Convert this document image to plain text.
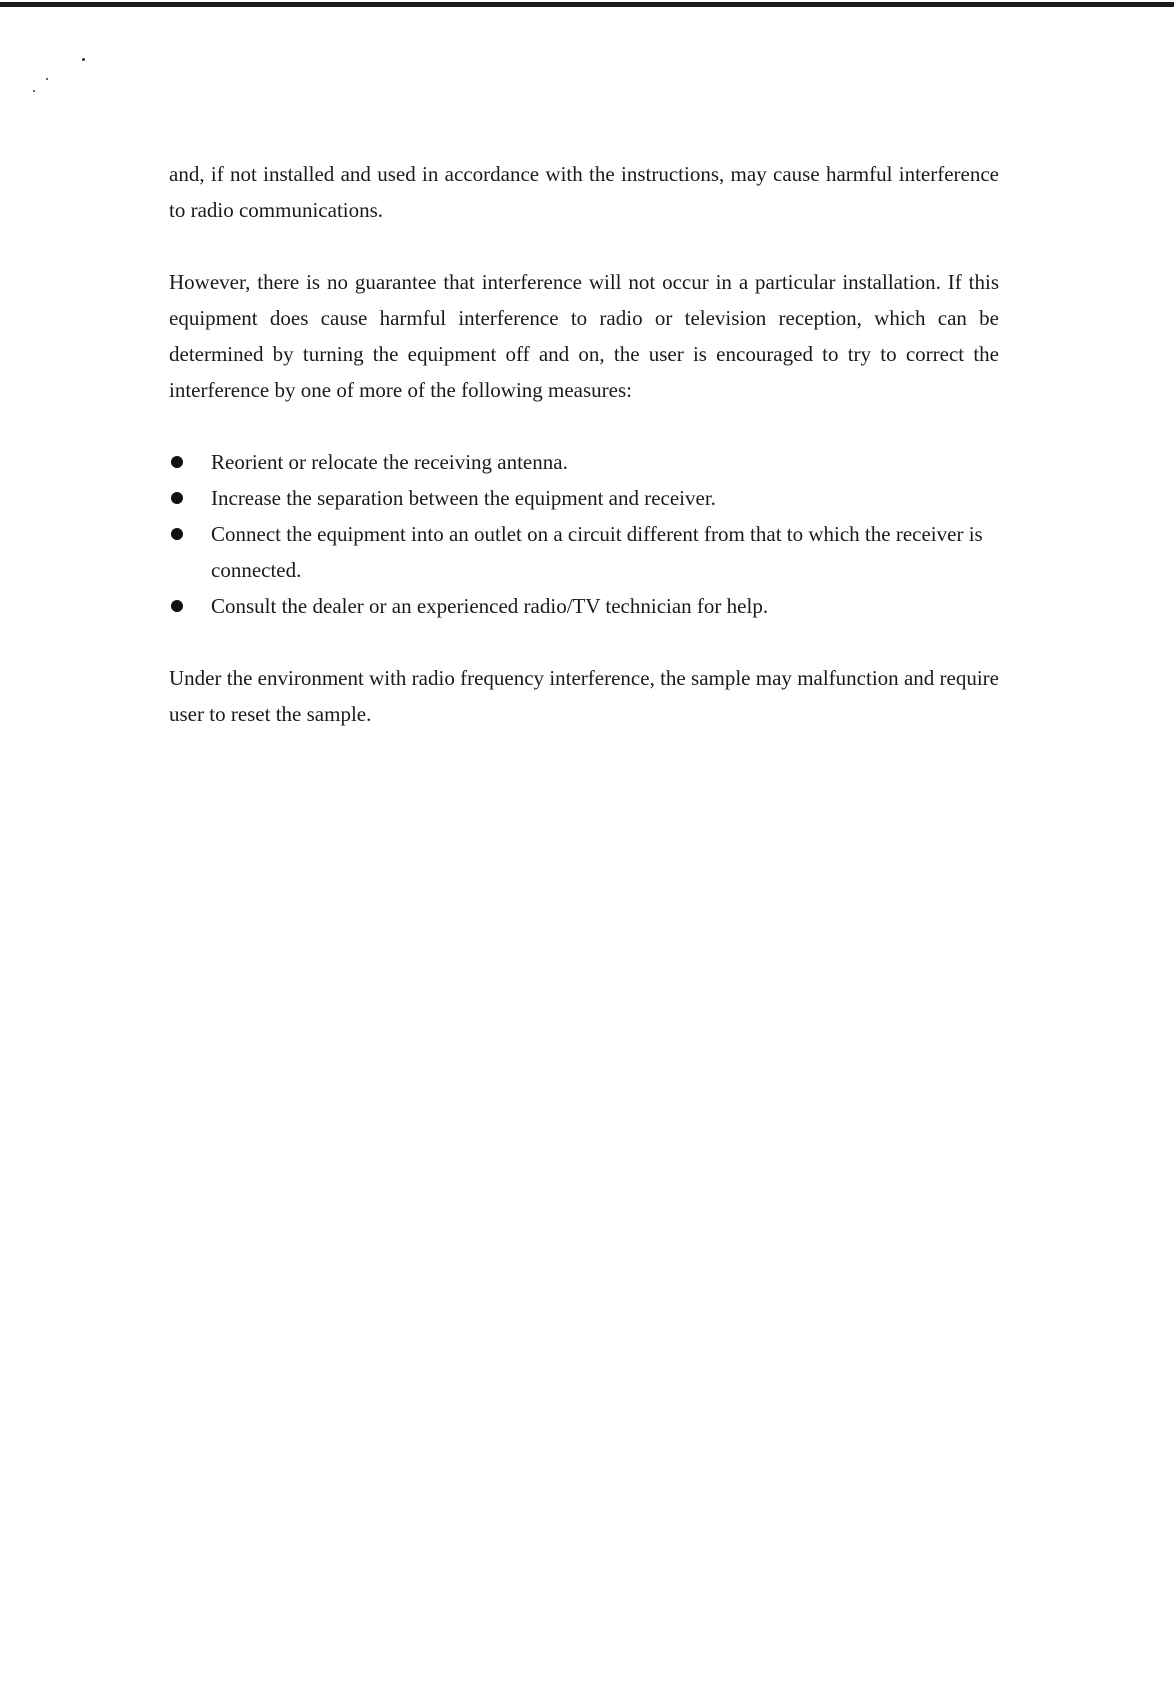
and, if not installed and used in accordance with the instructions, may cause harmful interference to radio communications.

However, there is no guarantee that interference will not occur in a particular installation. If this equipment does cause harmful interference to radio or television reception, which can be determined by turning the equipment off and on, the user is encouraged to try to correct the interference by one of more of the following measures:

Reorient or relocate the receiving antenna.
Increase the separation between the equipment and receiver.
Connect the equipment into an outlet on a circuit different from that to which the receiver is connected.
Consult the dealer or an experienced radio/TV technician for help.

Under the environment with radio frequency interference, the sample may malfunction and require user to reset the sample.
